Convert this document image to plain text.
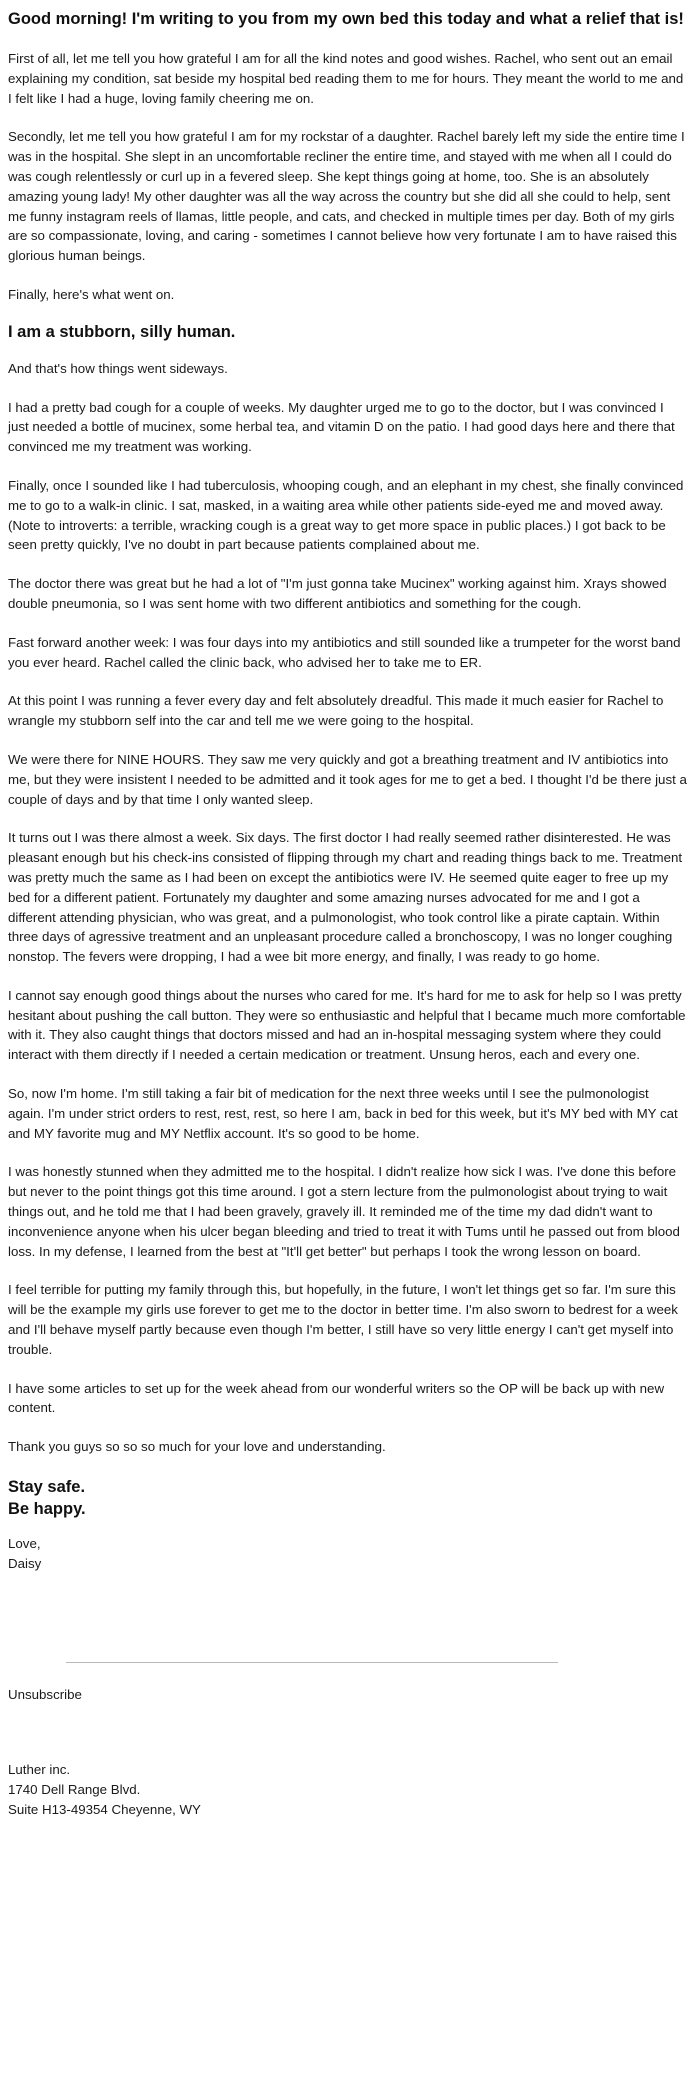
Good morning! I'm writing to you from my own bed this today and what a relief that is!

First of all, let me tell you how grateful I am for all the kind notes and good wishes. Rachel, who sent out an email explaining my condition, sat beside my hospital bed reading them to me for hours. They meant the world to me and I felt like I had a huge, loving family cheering me on.

Secondly, let me tell you how grateful I am for my rockstar of a daughter. Rachel barely left my side the entire time I was in the hospital. She slept in an uncomfortable recliner the entire time, and stayed with me when all I could do was cough relentlessly or curl up in a fevered sleep. She kept things going at home, too. She is an absolutely amazing young lady! My other daughter was all the way across the country but she did all she could to help, sent me funny instagram reels of llamas, little people, and cats, and checked in multiple times per day. Both of my girls are so compassionate, loving, and caring - sometimes I cannot believe how very fortunate I am to have raised this glorious human beings.

Finally, here's what went on.

I am a stubborn, silly human.

And that's how things went sideways.

I had a pretty bad cough for a couple of weeks. My daughter urged me to go to the doctor, but I was convinced I just needed a bottle of mucinex, some herbal tea, and vitamin D on the patio. I had good days here and there that convinced me my treatment was working.

Finally, once I sounded like I had tuberculosis, whooping cough, and an elephant in my chest, she finally convinced me to go to a walk-in clinic. I sat, masked, in a waiting area while other patients side-eyed me and moved away. (Note to introverts: a terrible, wracking cough is a great way to get more space in public places.) I got back to be seen pretty quickly, I've no doubt in part because patients complained about me.

The doctor there was great but he had a lot of "I'm just gonna take Mucinex" working against him. Xrays showed double pneumonia, so I was sent home with two different antibiotics and something for the cough.

Fast forward another week: I was four days into my antibiotics and still sounded like a trumpeter for the worst band you ever heard. Rachel called the clinic back, who advised her to take me to ER.

At this point I was running a fever every day and felt absolutely dreadful. This made it much easier for Rachel to wrangle my stubborn self into the car and tell me we were going to the hospital.

We were there for NINE HOURS. They saw me very quickly and got a breathing treatment and IV antibiotics into me, but they were insistent I needed to be admitted and it took ages for me to get a bed. I thought I'd be there just a couple of days and by that time I only wanted sleep.

It turns out I was there almost a week. Six days. The first doctor I had really seemed rather disinterested. He was pleasant enough but his check-ins consisted of flipping through my chart and reading things back to me. Treatment was pretty much the same as I had been on except the antibiotics were IV. He seemed quite eager to free up my bed for a different patient. Fortunately my daughter and some amazing nurses advocated for me and I got a different attending physician, who was great, and a pulmonologist, who took control like a pirate captain. Within three days of agressive treatment and an unpleasant procedure called a bronchoscopy, I was no longer coughing nonstop. The fevers were dropping, I had a wee bit more energy, and finally, I was ready to go home.

I cannot say enough good things about the nurses who cared for me. It's hard for me to ask for help so I was pretty hesitant about pushing the call button. They were so enthusiastic and helpful that I became much more comfortable with it. They also caught things that doctors missed and had an in-hospital messaging system where they could interact with them directly if I needed a certain medication or treatment. Unsung heros, each and every one.

So, now I'm home. I'm still taking a fair bit of medication for the next three weeks until I see the pulmonologist again. I'm under strict orders to rest, rest, rest, so here I am, back in bed for this week, but it's MY bed with MY cat and MY favorite mug and MY Netflix account. It's so good to be home.

I was honestly stunned when they admitted me to the hospital. I didn't realize how sick I was. I've done this before but never to the point things got this time around. I got a stern lecture from the pulmonologist about trying to wait things out, and he told me that I had been gravely, gravely ill. It reminded me of the time my dad didn't want to inconvenience anyone when his ulcer began bleeding and tried to treat it with Tums until he passed out from blood loss. In my defense, I learned from the best at "It'll get better" but perhaps I took the wrong lesson on board.

I feel terrible for putting my family through this, but hopefully, in the future, I won't let things get so far. I'm sure this will be the example my girls use forever to get me to the doctor in better time. I'm also sworn to bedrest for a week and I'll behave myself partly because even though I'm better, I still have so very little energy I can't get myself into trouble.

I have some articles to set up for the week ahead from our wonderful writers so the OP will be back up with new content.

Thank you guys so so so much for your love and understanding.

Stay safe.
Be happy.

Love,
Daisy

Unsubscribe

Luther inc.
1740 Dell Range Blvd.
Suite H13-49354 Cheyenne, WY
